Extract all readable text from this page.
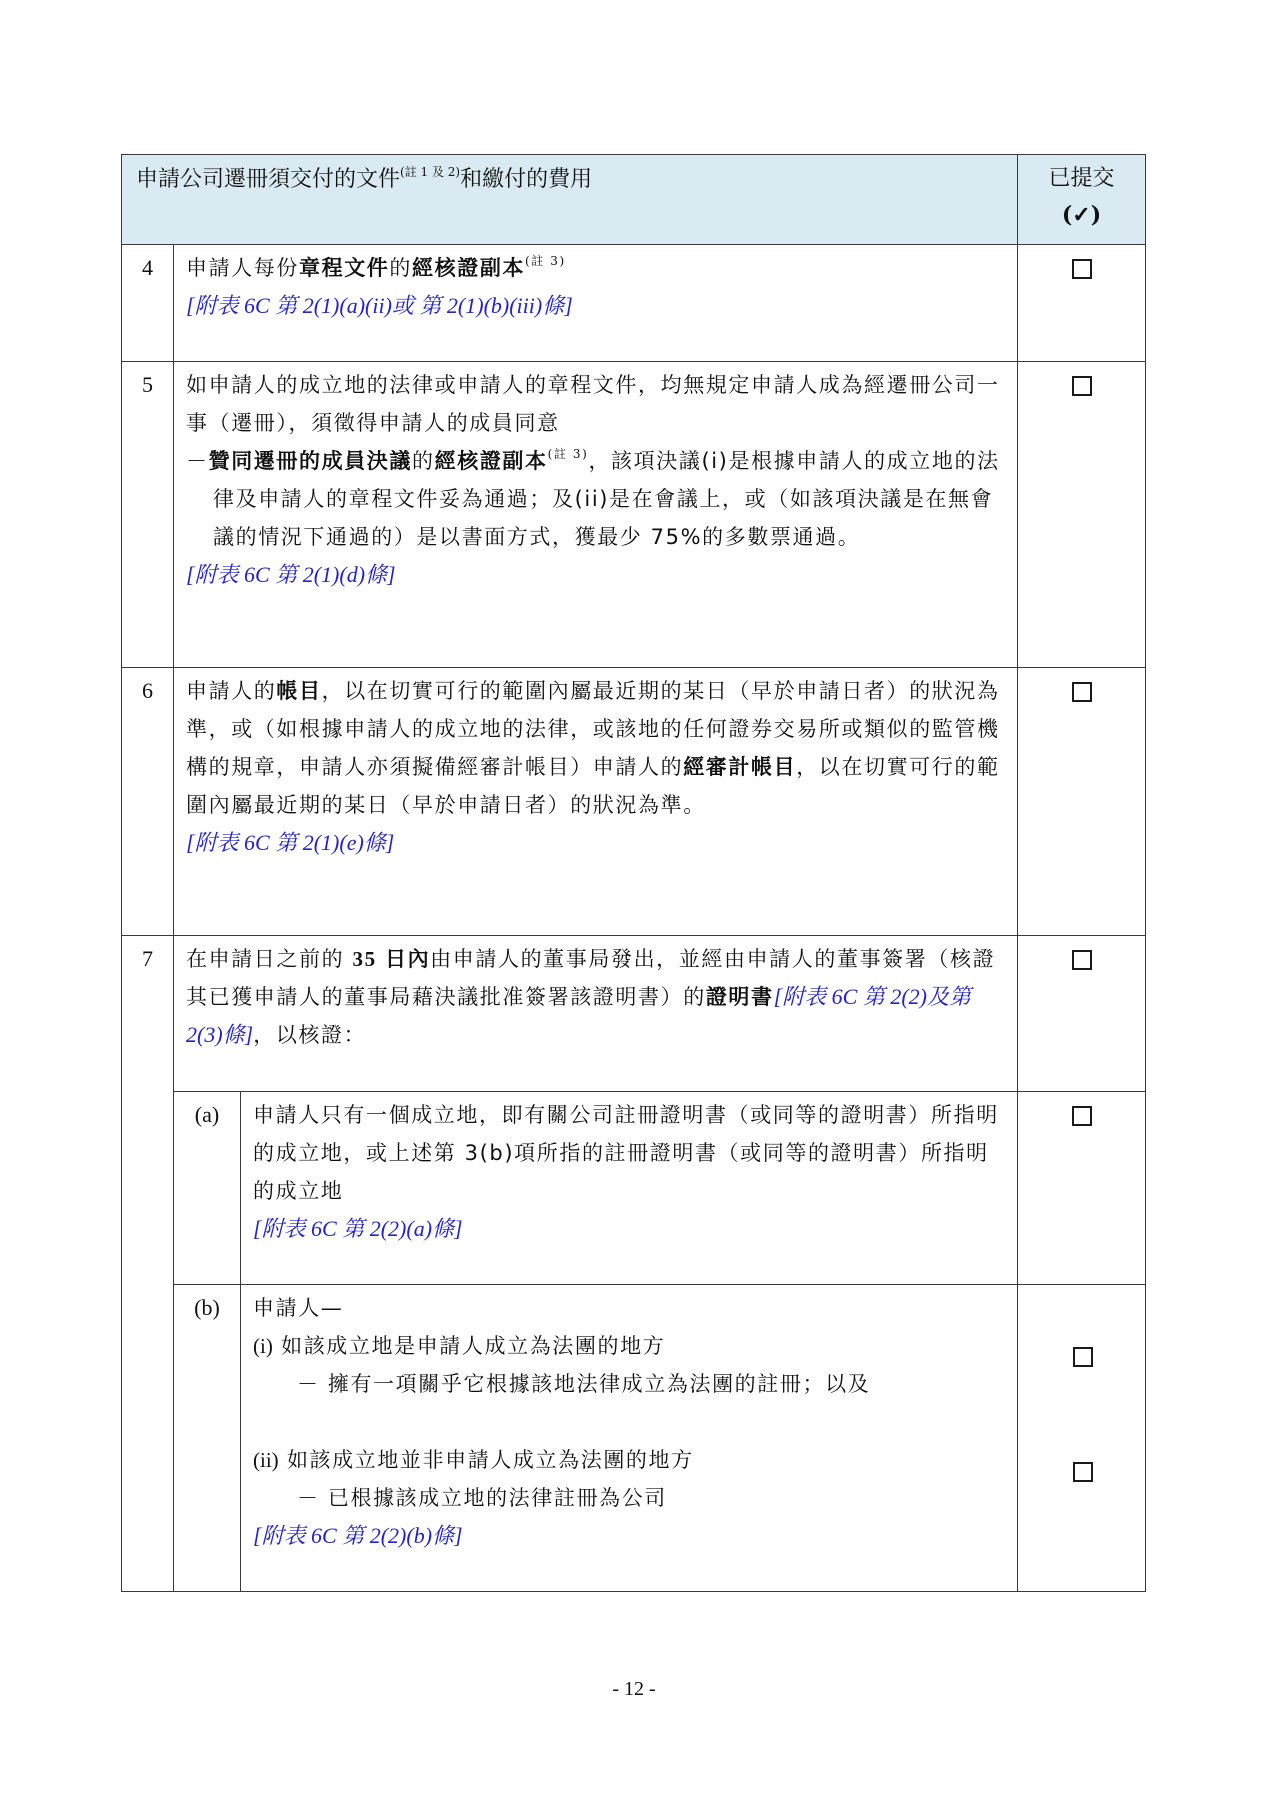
申請公司遷冊須交付的文件$^{(註 1 及 2)}$和繳付的費用			已提交
(✓)

4	申請人每份章程文件的經核證副本$^{(註 3)}$
[附表 6C 第 2(1)(a)(ii)或 第 2(1)(b)(iii)條]		

5	如申請人的成立地的法律或申請人的章程文件，均無規定申請人成為經遷冊公司一事（遷冊），須徵得申請人的成員同意
－贊同遷冊的成員決議的經核證副本$^{(註 3)}$，該項決議(i)是根據申請人的成立地的法律及申請人的章程文件妥為通過；及(ii)是在會議上，或（如該項決議是在無會議的情況下通過的）是以書面方式，獲最少 75%的多數票通過。
[附表 6C 第 2(1)(d)條]		

6	申請人的帳目，以在切實可行的範圍內屬最近期的某日（早於申請日者）的狀況為準，或（如根據申請人的成立地的法律，或該地的任何證券交易所或類似的監管機構的規章，申請人亦須擬備經審計帳目）申請人的經審計帳目，以在切實可行的範圍內屬最近期的某日（早於申請日者）的狀況為準。
[附表 6C 第 2(1)(e)條]		

7	在申請日之前的 35 日內由申請人的董事局發出，並經由申請人的董事簽署（核證其已獲申請人的董事局藉決議批准簽署該證明書）的證明書[附表 6C 第 2(2)及第 2(3)條]，以核證：		

	(a)	申請人只有一個成立地，即有關公司註冊證明書（或同等的證明書）所指明的成立地，或上述第 3(b)項所指的註冊證明書（或同等的證明書）所指明的成立地
[附表 6C 第 2(2)(a)條]	

(b)	申請人—
(i) 如該成立地是申請人成立為法團的地方
－ 擁有一項關乎它根據該地法律成立為法團的註冊；以及
(ii) 如該成立地並非申請人成立為法團的地方
－ 已根據該成立地的法律註冊為公司
[附表 6C 第 2(2)(b)條]

- 12 -
